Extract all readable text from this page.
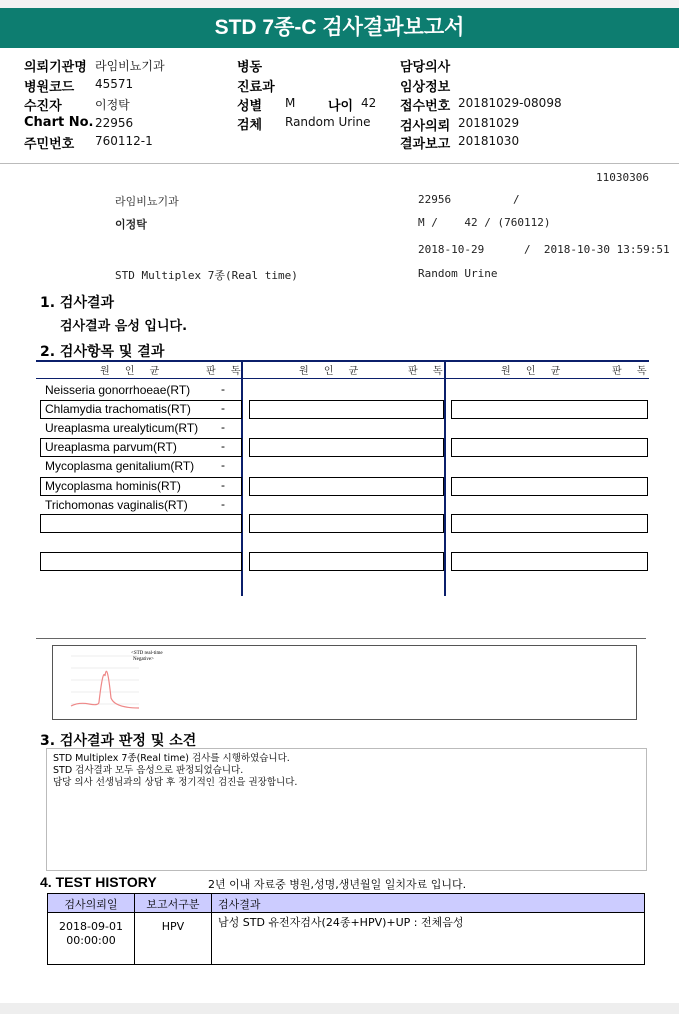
STD 7종-C 검사결과보고서
의뢰기관명 라임비뇨기과
병원코드 45571
수진자	이정탁
Chart No. 22956
주민번호 760112-1
병동
진료과
성별 M	나이 42
검체 Random Urine
담당의사
임상정보
접수번호 20181029-08098
검사의뢰 20181029
결과보고 20181030
11030306
라임비뇨기과	22956	/
이정탁	M /    42 / (760112)
2018-10-29      /  2018-10-30 13:59:51
STD Multiplex 7종(Real time)	Random Urine
1. 검사결과
검사결과 음성 입니다.
2. 검사항목 및 결과
원 인 균	판 독	원 인 균	판 독	원 인 균	판 독
Neisseria gonorrhoeae(RT)	-
Chlamydia trachomatis(RT)	-
Ureaplasma urealyticum(RT) -
Ureaplasma parvum(RT)	-
Mycoplasma genitalium(RT) -
Mycoplasma hominis(RT)	-
Trichomonas vaginalis(RT)	-
<STD real-time
Negative>
3. 검사결과 판정 및 소견
STD Multiplex 7종(Real time) 검사를 시행하였습니다.
STD 검사결과 모두 음성으로 판정되었습니다.
담당 의사 선생님과의 상담 후 정기적인 검진을 권장합니다.
4. TEST HISTORY	2년 이내 자료중 병원,성명,생년월일 일치자료 입니다.
검사의뢰일	보고서구분	검사결과
2018-09-01
00:00:00
HPV	남성 STD 유전자검사(24종+HPV)+UP : 전체음성
